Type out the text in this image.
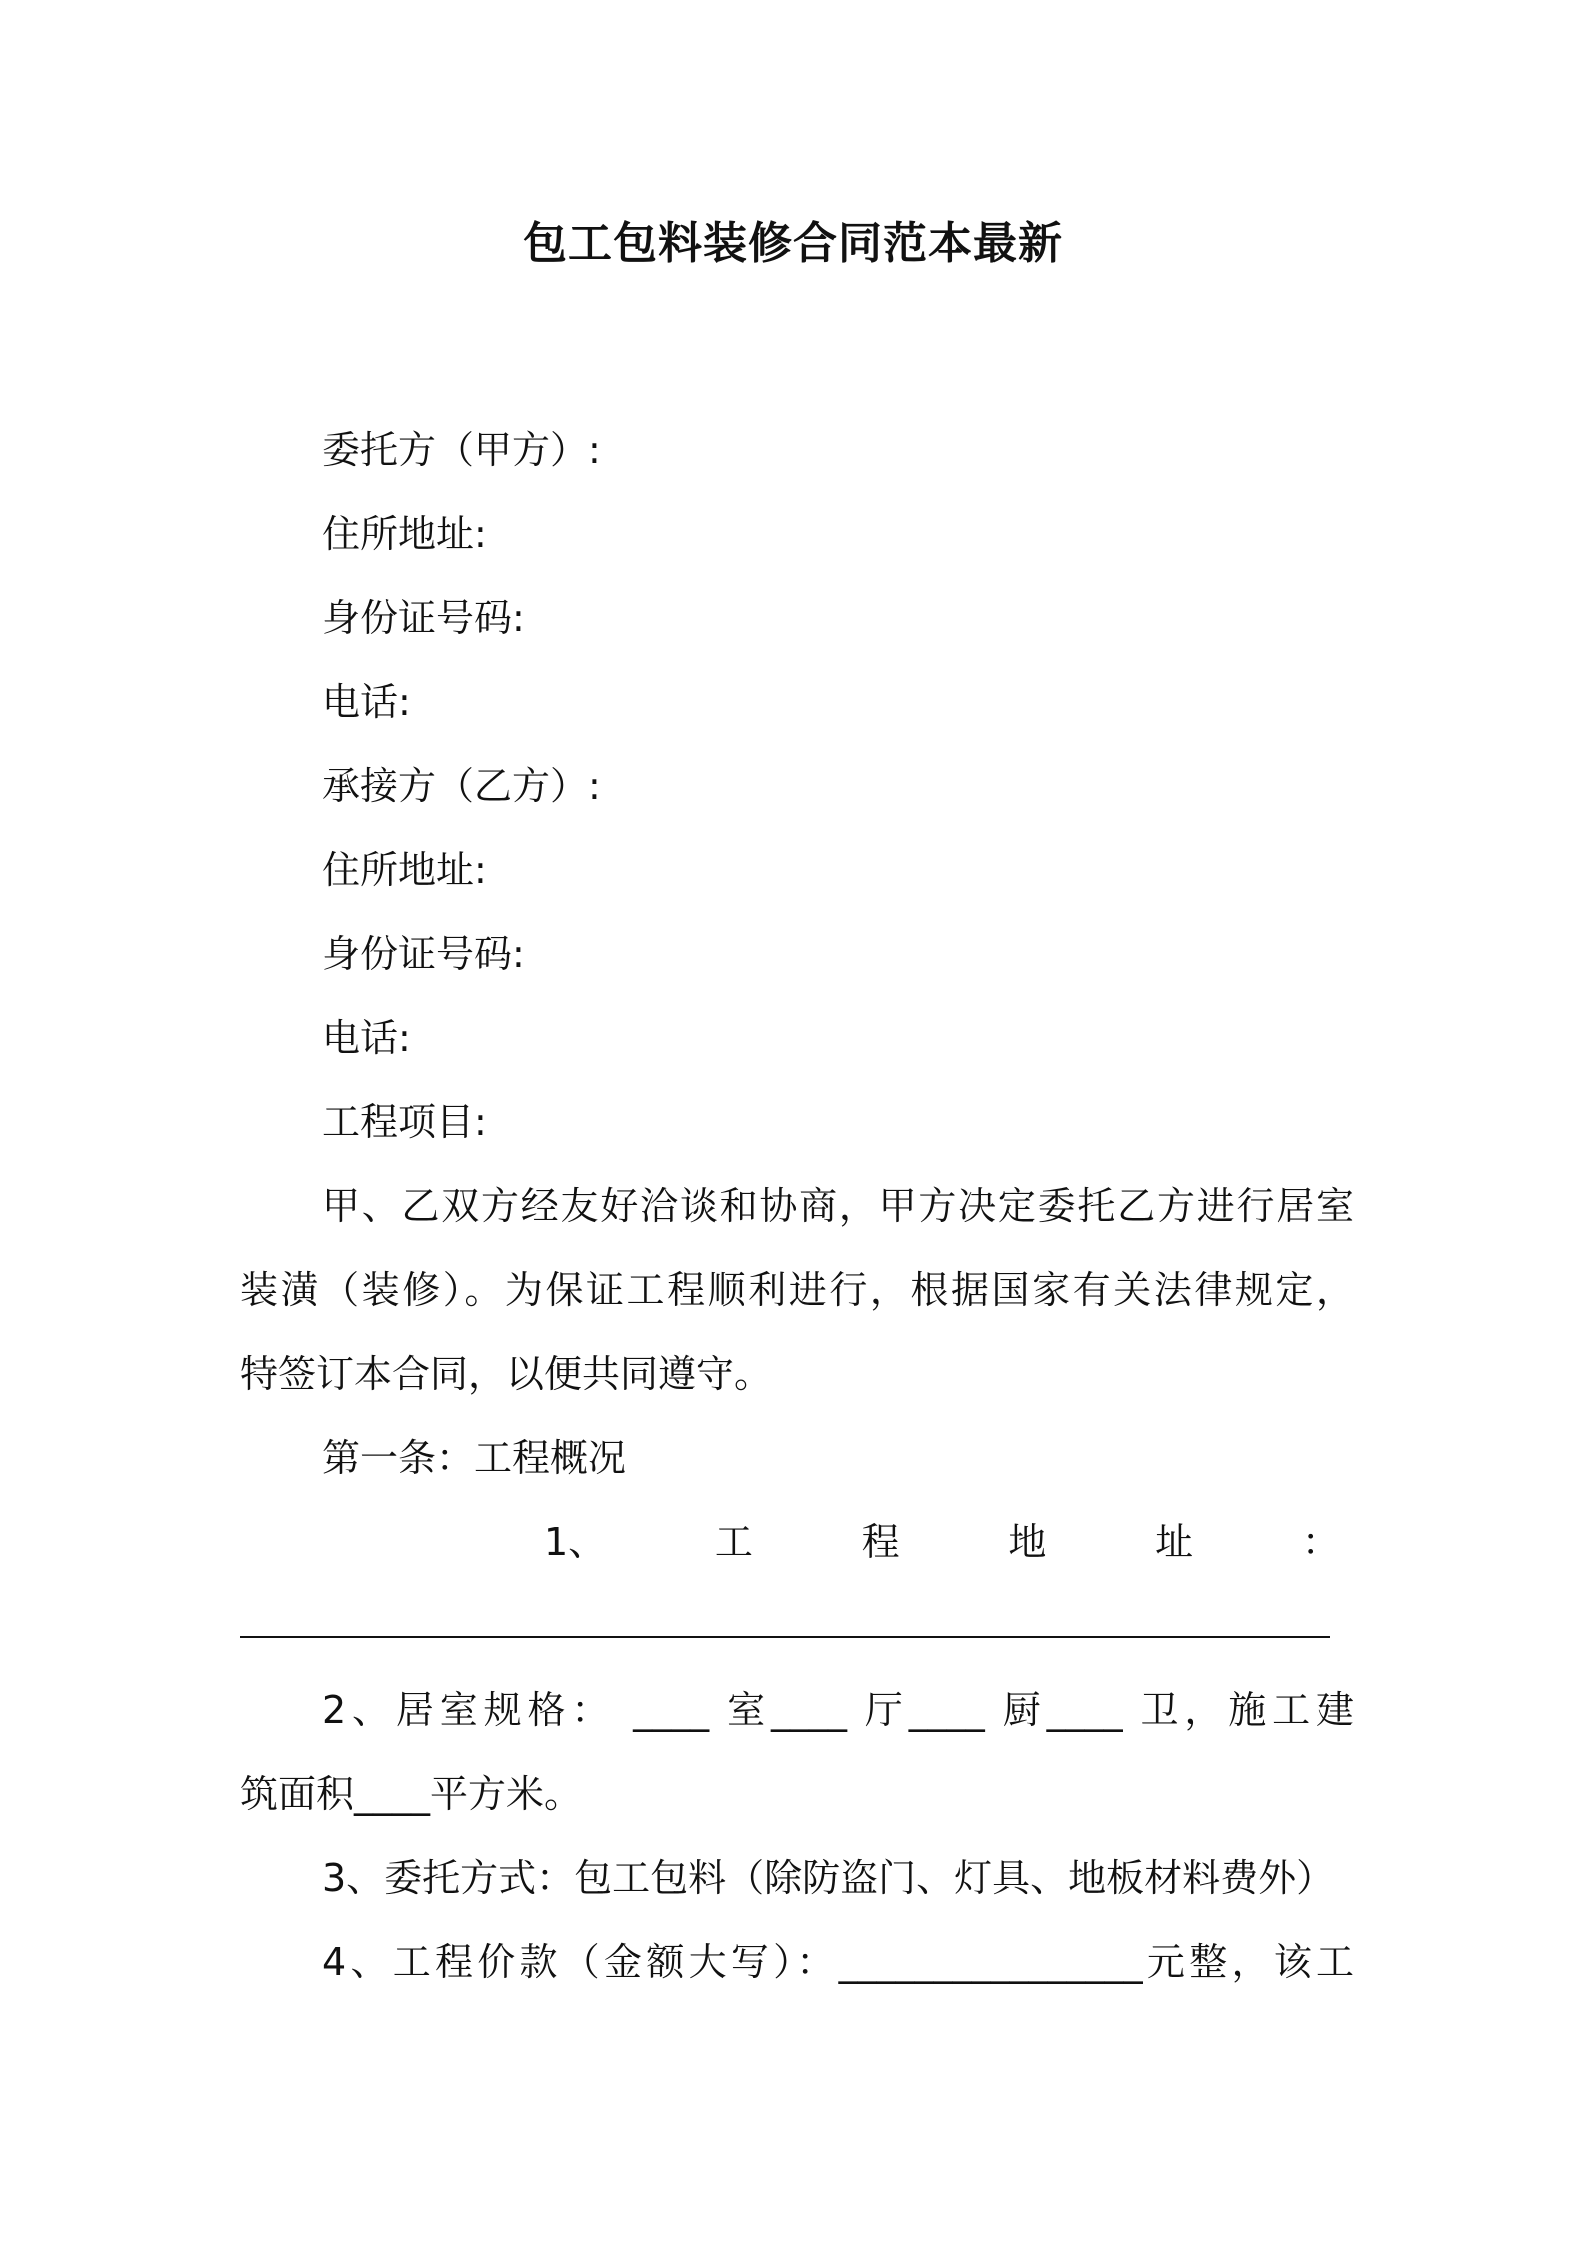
包工包料装修合同范本最新
委托方（甲方）:
住所地址:
身份证号码:
电话:
承接方（乙方）:
住所地址:
身份证号码:
电话:
工程项目:
甲、乙双方经友好洽谈和协商，甲方决定委托乙方进行居室
装潢（装修）。为保证工程顺利进行，根据国家有关法律规定，
特签订本合同，以便共同遵守。
第一条：工程概况
1、	工	程	地	址	：
2、居室规格： ____ 室____ 厅____ 厨____ 卫，施工建
筑面积____平方米。
3、委托方式：包工包料（除防盗门、灯具、地板材料费外）
4、工程价款（金额大写）：________________元整，该工
